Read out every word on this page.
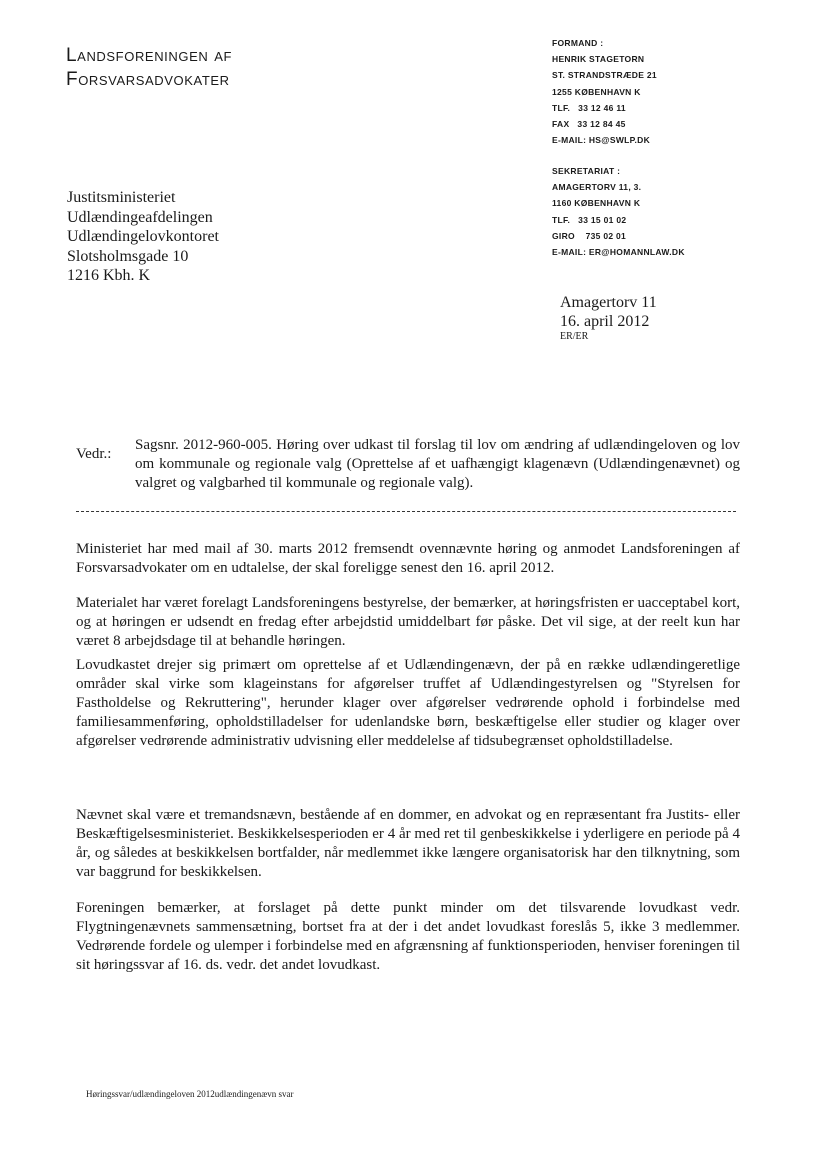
Landsforeningen af
Forsvarsadvokater
FORMAND :
HENRIK STAGETORN
ST. STRANDSTRÆDE 21
1255 KØBENHAVN K
TLF.   33 12 46 11
FAX   33 12 84 45
E-MAIL: HS@SWLP.DK
SEKRETARIAT :
AMAGERTORV 11, 3.
1160 KØBENHAVN K
TLF.   33 15 01 02
GIRO    735 02 01
E-MAIL: ER@HOMANNLAW.DK
Justitsministeriet
Udlændingeafdelingen
Udlændingelovkontoret
Slotsholmsgade 10
1216 Kbh. K
Amagertorv 11
16. april 2012
ER/ER
Vedr.:
Sagsnr. 2012-960-005. Høring over udkast til forslag til lov om ændring af udlændingeloven og lov om kommunale og regionale valg (Oprettelse af et uafhængigt klagenævn (Udlændingenævnet) og valgret og valgbarhed til kommunale og regionale valg).
Ministeriet har med mail af 30. marts 2012 fremsendt ovennævnte høring og anmodet Landsforeningen af Forsvarsadvokater om en udtalelse, der skal foreligge senest den 16. april 2012.
Materialet har været forelagt Landsforeningens bestyrelse, der bemærker, at høringsfristen er uacceptabel kort, og at høringen er udsendt en fredag efter arbejdstid umiddelbart før påske. Det vil sige, at der reelt kun har været 8 arbejdsdage til at behandle høringen.
Lovudkastet drejer sig primært om oprettelse af et Udlændingenævn, der på en række udlændingeretlige områder skal virke som klageinstans for afgørelser truffet af Udlændingestyrelsen og "Styrelsen for Fastholdelse og Rekruttering", herunder klager over afgørelser vedrørende ophold i forbindelse med familiesammenføring, opholdstilladelser for udenlandske børn, beskæftigelse eller studier og klager over afgørelser vedrørende administrativ udvisning eller meddelelse af tidsubegrænset opholdstilladelse.
Nævnet skal være et tremandsnævn, bestående af en dommer, en advokat og en repræsentant fra Justits- eller Beskæftigelsesministeriet. Beskikkelsesperioden er 4 år med ret til genbeskikkelse i yderligere en periode på 4 år, og således at beskikkelsen bortfalder, når medlemmet ikke længere organisatorisk har den tilknytning, som var baggrund for beskikkelsen.
Foreningen bemærker, at forslaget på dette punkt minder om det tilsvarende lovudkast vedr. Flygtningenævnets sammensætning, bortset fra at der i det andet lovudkast foreslås 5, ikke 3 medlemmer. Vedrørende fordele og ulemper i forbindelse med en afgrænsning af funktionsperioden, henviser foreningen til sit høringssvar af 16. ds. vedr. det andet lovudkast.
Høringssvar/udlændingeloven 2012udlændingenævn svar
